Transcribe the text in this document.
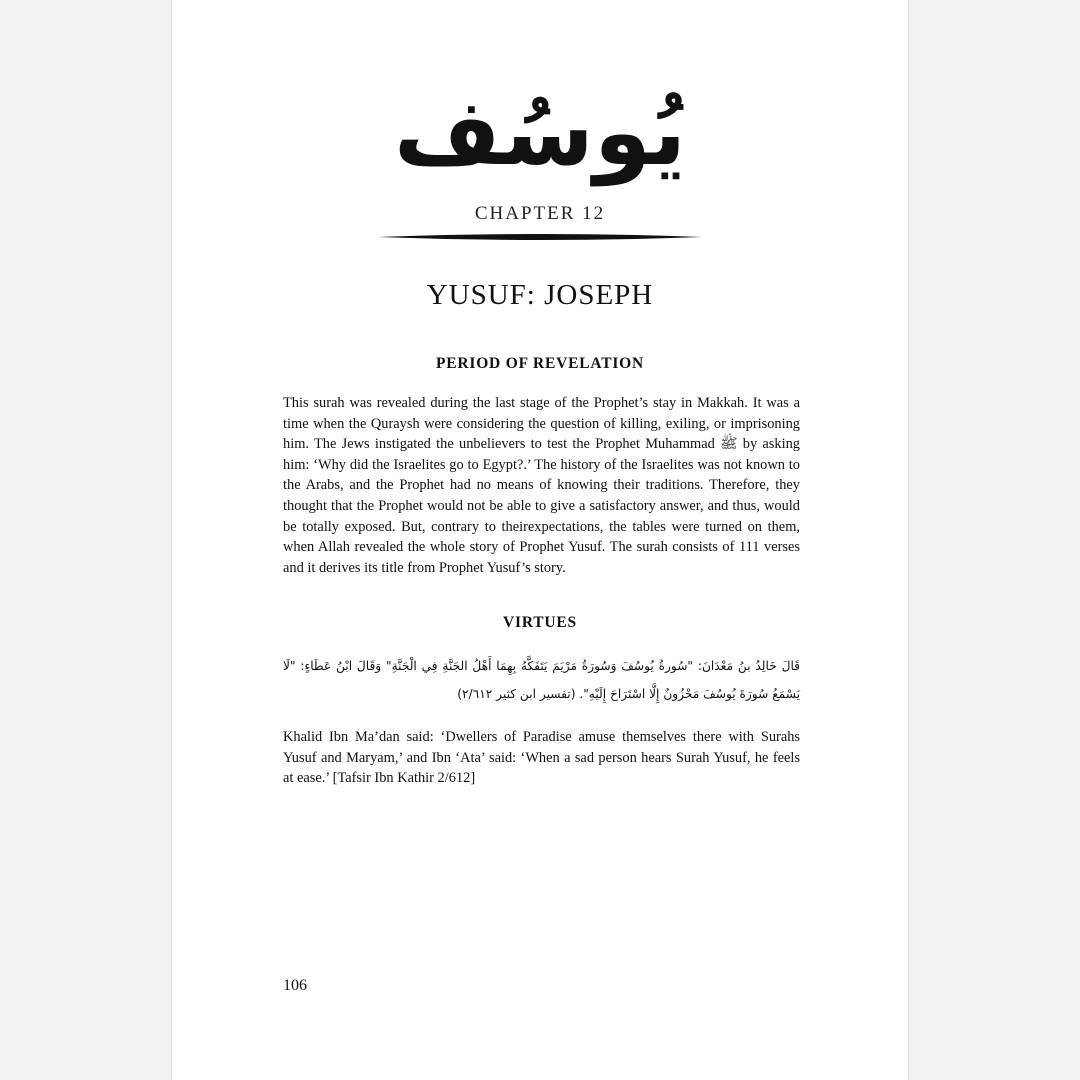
يُوسُف
CHAPTER 12
YUSUF: JOSEPH
PERIOD OF REVELATION

This surah was revealed during the last stage of the Prophet’s stay in Makkah. It was a time when the Quraysh were considering the question of killing, exiling, or imprisoning him. The Jews instigated the unbelievers to test the Prophet Muhammad ﷺ by asking him: ‘Why did the Israelites go to Egypt?.’ The history of the Israelites was not known to the Arabs, and the Prophet had no means of knowing their traditions. Therefore, they thought that the Prophet would not be able to give a satisfactory answer, and thus, would be totally exposed. But, contrary to theirexpectations, the tables were turned on them, when Allah revealed the whole story of Prophet Yusuf. The surah consists of 111 verses and it derives its title from Prophet Yusuf’s story.

VIRTUES

قَالَ خَالِدُ بنُ مَعْدَانَ: "سُورةُ يُوسُفَ وَسُورَةُ مَرْيَمَ يَتَفَكَّهُ بِهِمَا أَهْلُ الجَنَّةِ فِي الْجَنَّةِ" وَقَالَ ابْنُ عَطَاءٍ: "لَا يَسْمَعُ سُورَةَ يُوسُفَ مَحْزُونٌ إِلَّا اسْتَرَاحَ إِلَيْهِ". (تفسير ابن كثير ٢/٦١٢)

Khalid Ibn Ma’dan said: ‘Dwellers of Paradise amuse themselves there with Surahs Yusuf and Maryam,’ and Ibn ‘Ata’ said: ‘When a sad person hears Surah Yusuf, he feels at ease.’ [Tafsir Ibn Kathir 2/612]

106
